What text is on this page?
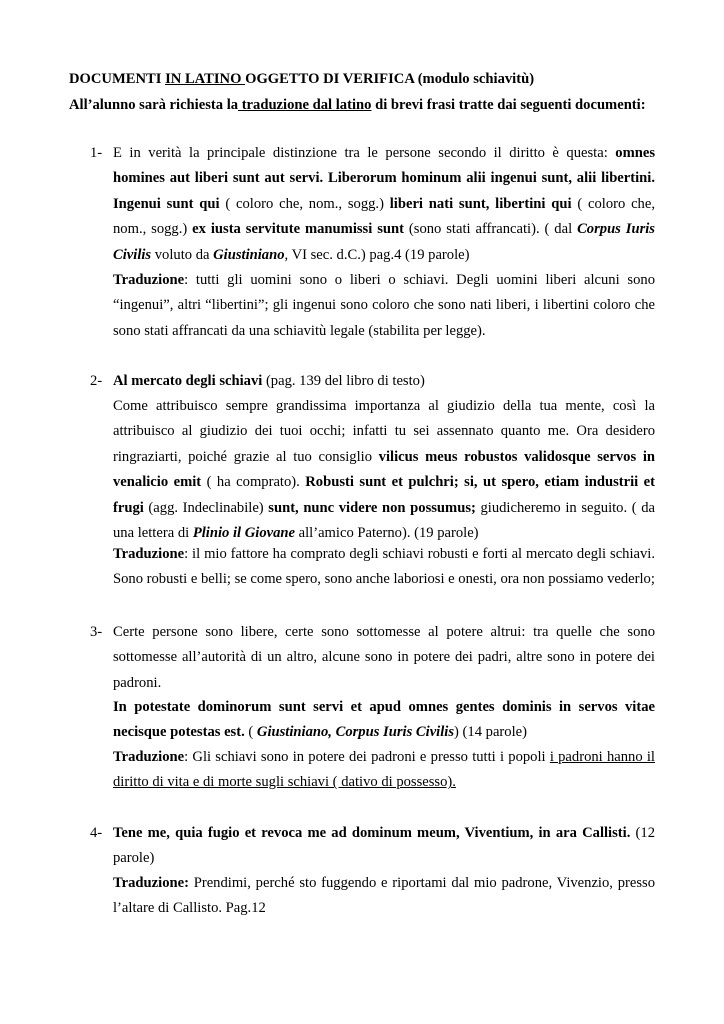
DOCUMENTI IN LATINO OGGETTO DI VERIFICA (modulo schiavitù)
All’alunno sarà richiesta la traduzione dal latino di brevi frasi tratte dai seguenti documenti:
1- E in verità la principale distinzione tra le persone secondo il diritto è questa: omnes homines aut liberi sunt aut servi. Liberorum hominum alii ingenui sunt, alii libertini. Ingenui sunt qui ( coloro che, nom., sogg.) liberi nati sunt, libertini qui ( coloro che, nom., sogg.) ex iusta servitute manumissi sunt (sono stati affrancati). ( dal Corpus Iuris Civilis voluto da Giustiniano, VI sec. d.C.) pag.4 (19 parole)
Traduzione: tutti gli uomini sono o liberi o schiavi. Degli uomini liberi alcuni sono “ingenui”, altri “libertini”; gli ingenui sono coloro che sono nati liberi, i libertini coloro che sono stati affrancati da una schiavitù legale (stabilita per legge).
2- Al mercato degli schiavi (pag. 139 del libro di testo)
Come attribuisco sempre grandissima importanza al giudizio della tua mente, così la attribuisco al giudizio dei tuoi occhi; infatti tu sei assennato quanto me. Ora desidero ringraziarti, poiché grazie al tuo consiglio vilicus meus robustos validosque servos in venalicio emit ( ha comprato). Robusti sunt et pulchri; si, ut spero, etiam industrii et frugi (agg. Indeclinabile) sunt, nunc videre non possumus; giudicheremo in seguito. ( da una lettera di Plinio il Giovane all’amico Paterno). (19 parole)
Traduzione: il mio fattore ha comprato degli schiavi robusti e forti al mercato degli schiavi. Sono robusti e belli; se come spero, sono anche laboriosi e onesti, ora non possiamo vederlo;
3- Certe persone sono libere, certe sono sottomesse al potere altrui: tra quelle che sono sottomesse all’autorità di un altro, alcune sono in potere dei padri, altre sono in potere dei padroni.
In potestate dominorum sunt servi et apud omnes gentes dominis in servos vitae necisque potestas est. ( Giustiniano, Corpus Iuris Civilis) (14 parole)
Traduzione: Gli schiavi sono in potere dei padroni e presso tutti i popoli i padroni hanno il diritto di vita e di morte sugli schiavi ( dativo di possesso).
4- Tene me, quia fugio et revoca me ad dominum meum, Viventium, in ara Callisti. (12 parole)
Traduzione: Prendimi, perché sto fuggendo e riportami dal mio padrone, Vivenzio, presso l’altare di Callisto. Pag.12
